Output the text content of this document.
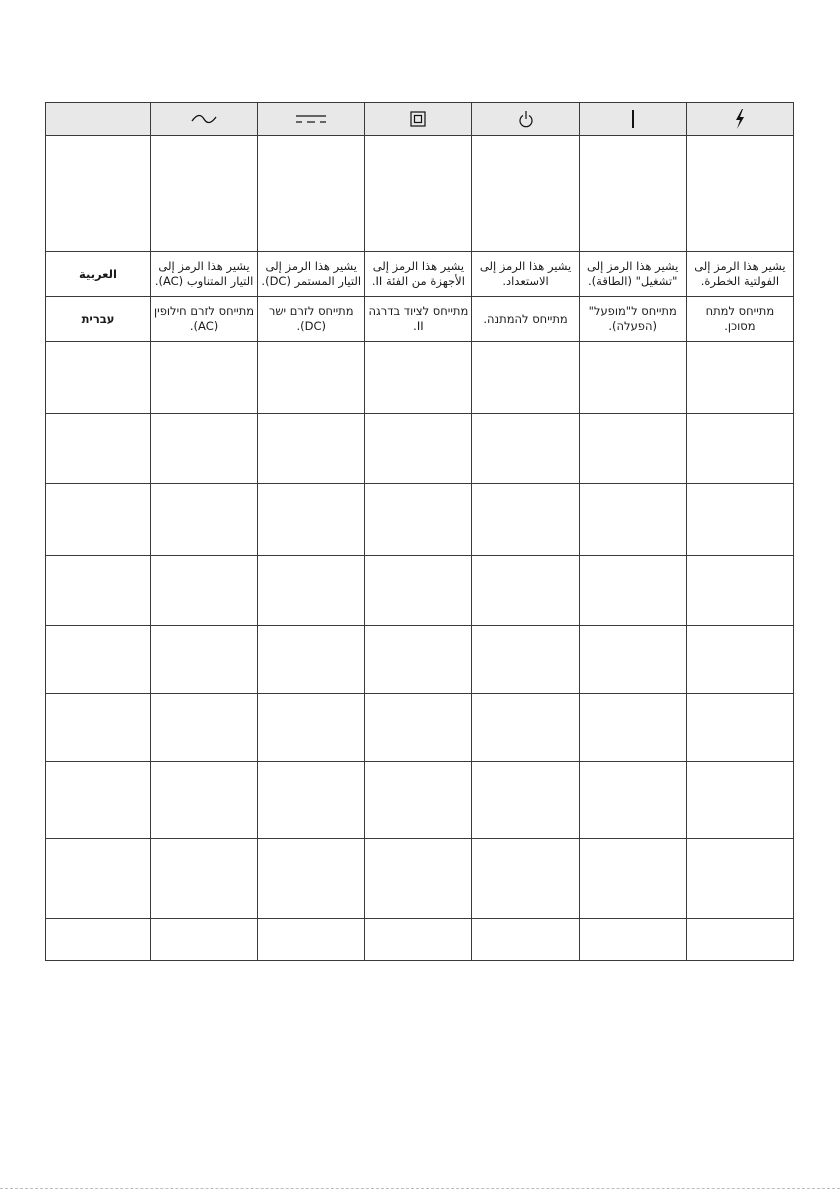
العربية	يشير هذا الرمز إلى التيار المتناوب (AC).	يشير هذا الرمز إلى التيار المستمر (DC).	يشير هذا الرمز إلى الأجهزة من الفئة II.	يشير هذا الرمز إلى الاستعداد.	يشير هذا الرمز إلى "تشغيل" (الطاقة).	يشير هذا الرمز إلى الفولتية الخطرة.
עברית	מתייחס לזרם חילופין (AC).	מתייחס לזרם ישר (DC).	מתייחס לציוד בדרגה II.	מתייחס להמתנה.	מתייחס ל"מופעל" (הפעלה).	מתייחס למתח מסוכן.
